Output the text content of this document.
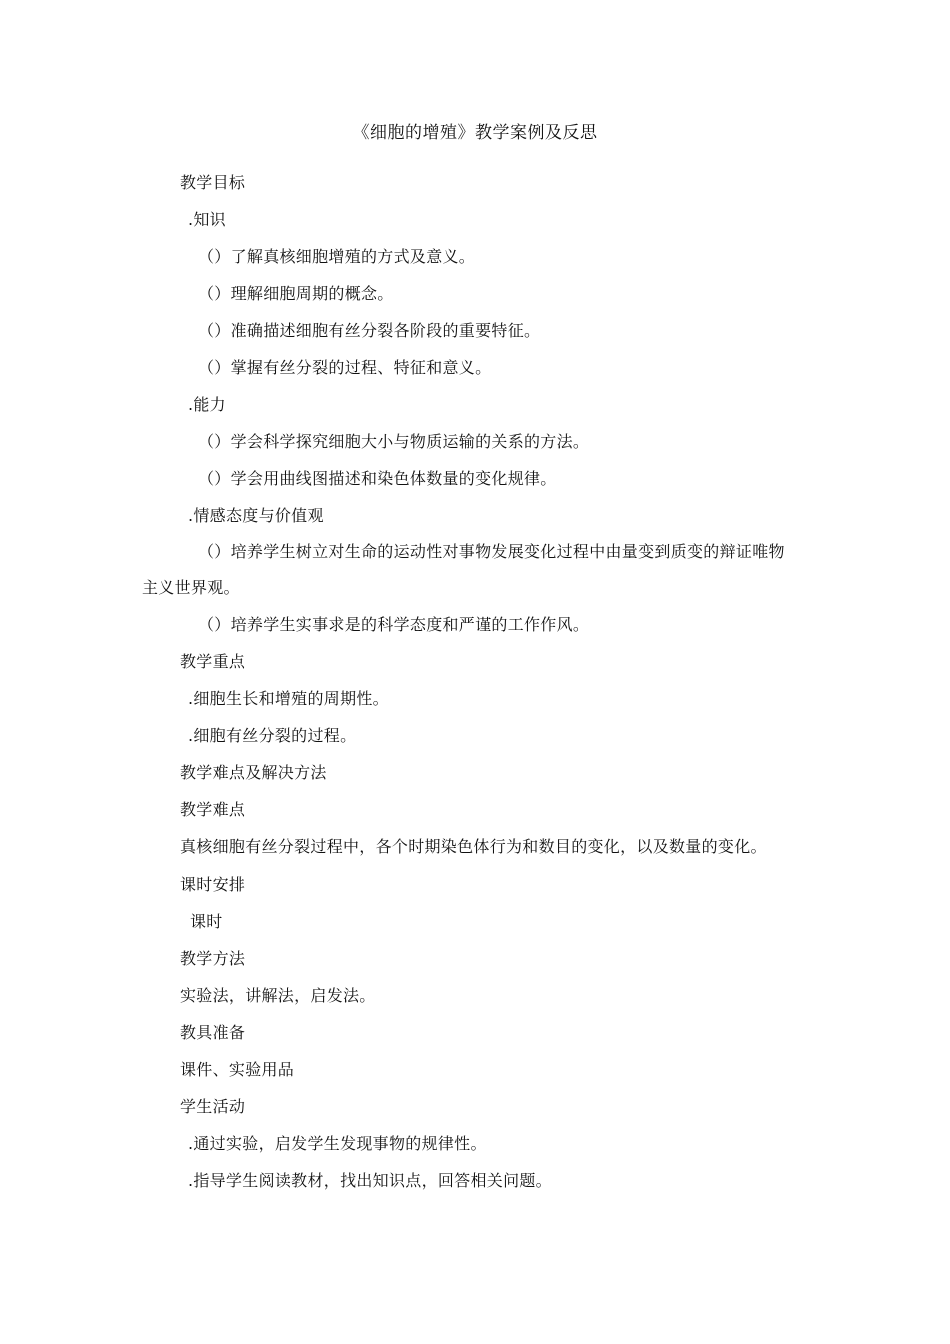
《细胞的增殖》教学案例及反思
教学目标
.知识
（）了解真核细胞增殖的方式及意义。
（）理解细胞周期的概念。
（）准确描述细胞有丝分裂各阶段的重要特征。
（）掌握有丝分裂的过程、特征和意义。
.能力
（）学会科学探究细胞大小与物质运输的关系的方法。
（）学会用曲线图描述和染色体数量的变化规律。
.情感态度与价值观
（）培养学生树立对生命的运动性对事物发展变化过程中由量变到质变的辩证唯物
主义世界观。
（）培养学生实事求是的科学态度和严谨的工作作风。
教学重点
.细胞生长和增殖的周期性。
.细胞有丝分裂的过程。
教学难点及解决方法
教学难点
真核细胞有丝分裂过程中，各个时期染色体行为和数目的变化，以及数量的变化。
课时安排
课时
教学方法
实验法，讲解法，启发法。
教具准备
课件、实验用品
学生活动
.通过实验，启发学生发现事物的规律性。
.指导学生阅读教材，找出知识点，回答相关问题。
